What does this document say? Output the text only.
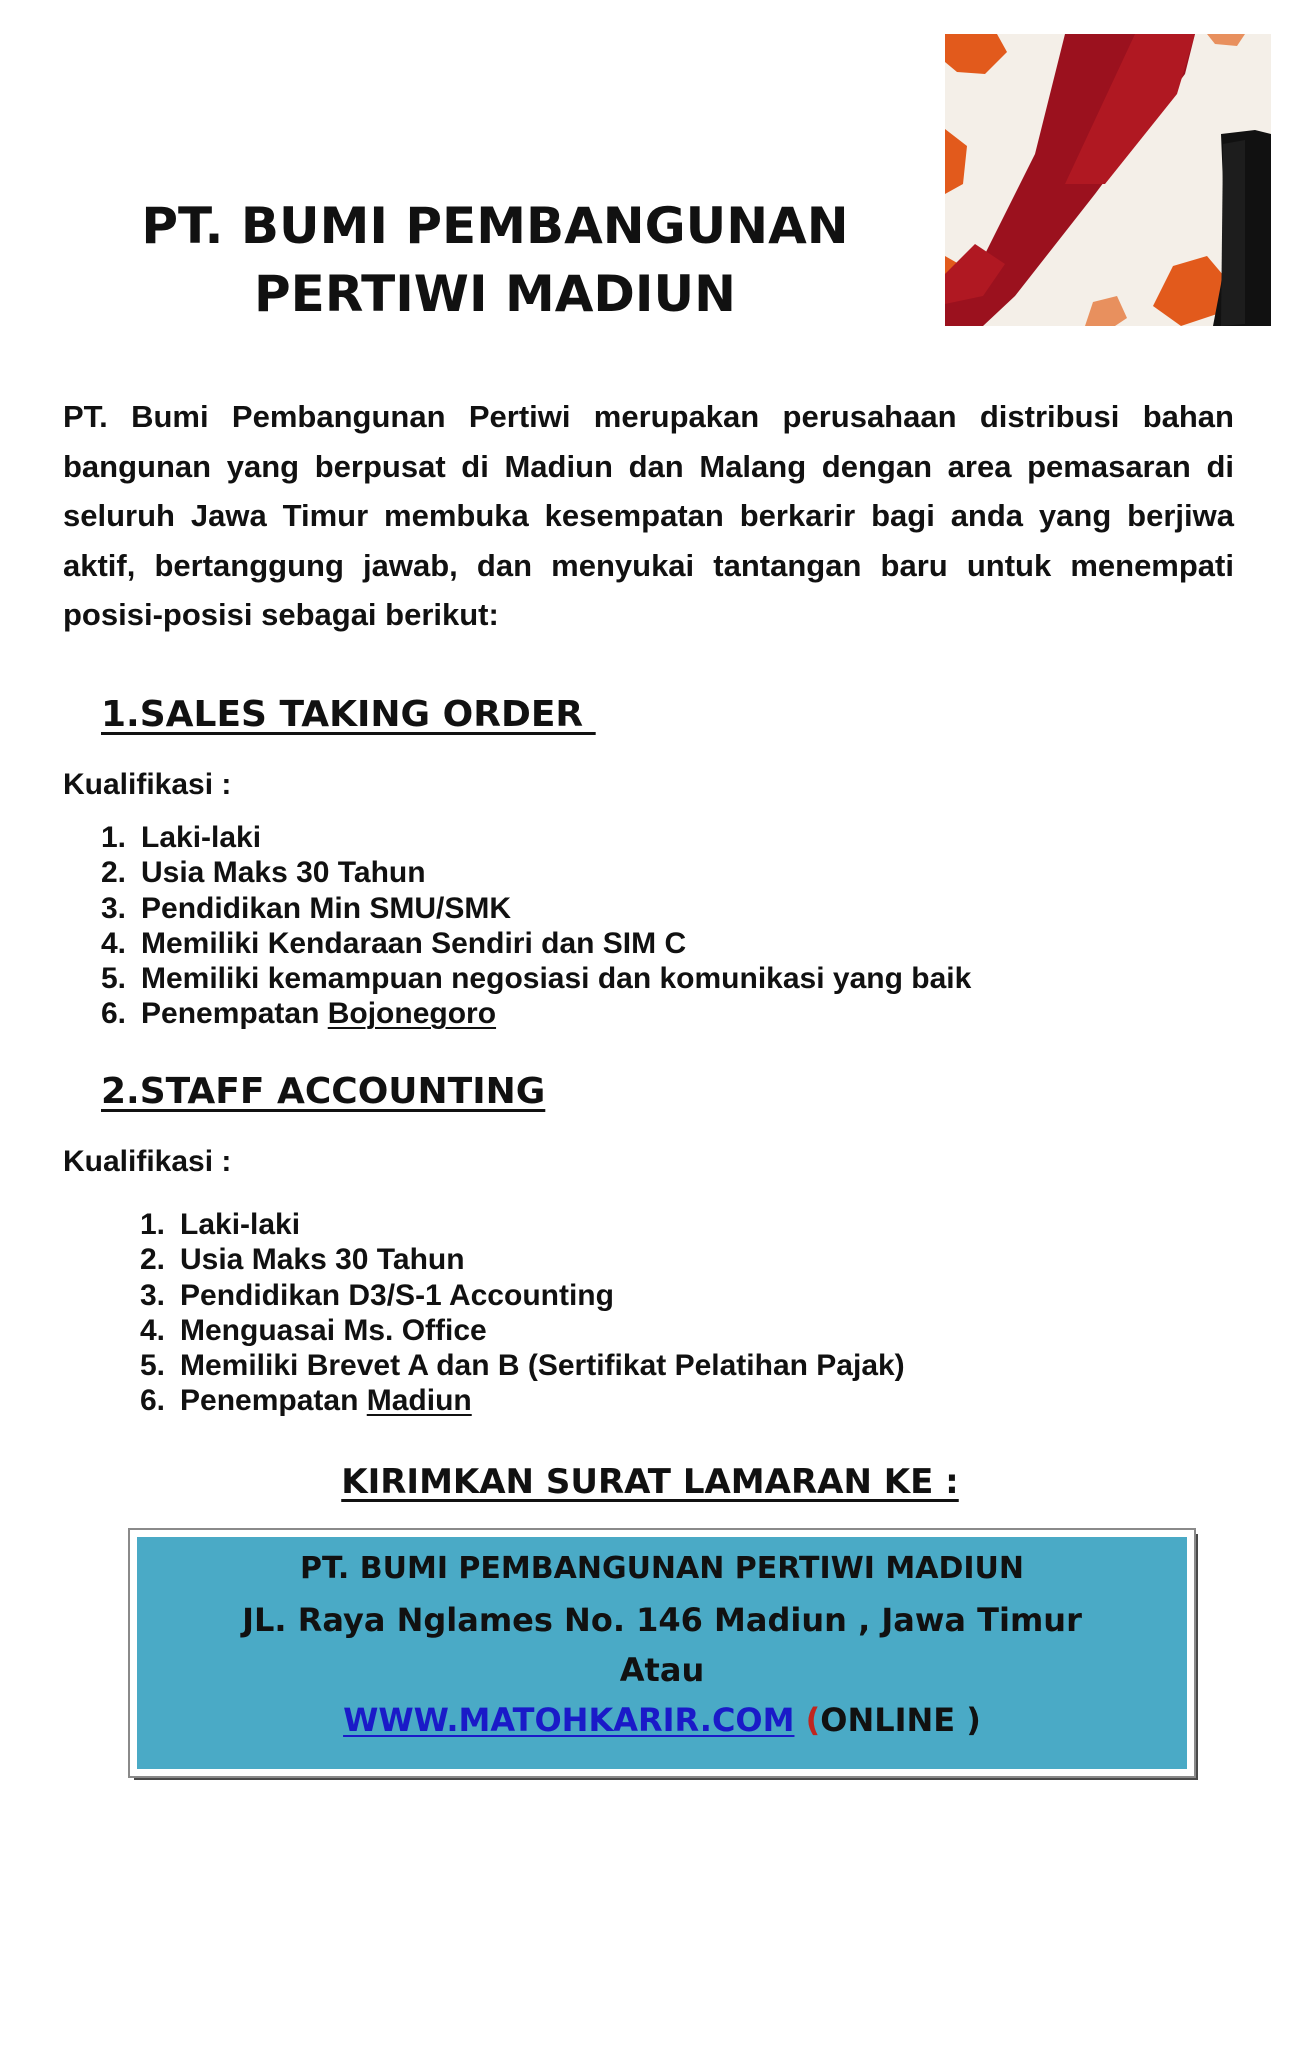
PT. BUMI PEMBANGUNAN
PERTIWI MADIUN

PT. Bumi Pembangunan Pertiwi merupakan perusahaan distribusi bahan bangunan yang berpusat di Madiun dan Malang dengan area pemasaran di seluruh Jawa Timur membuka kesempatan berkarir bagi anda yang berjiwa aktif, bertanggung jawab, dan menyukai tantangan baru untuk menempati posisi-posisi sebagai berikut:

1.SALES TAKING ORDER
Kualifikasi :
1. Laki-laki
2. Usia Maks 30 Tahun
3. Pendidikan Min SMU/SMK
4. Memiliki Kendaraan Sendiri dan SIM C
5. Memiliki kemampuan negosiasi dan komunikasi yang baik
6. Penempatan Bojonegoro
2.STAFF ACCOUNTING
Kualifikasi :
1. Laki-laki
2. Usia Maks 30 Tahun
3. Pendidikan D3/S-1 Accounting
4. Menguasai Ms. Office
5. Memiliki Brevet A dan B (Sertifikat Pelatihan Pajak)
6. Penempatan Madiun
KIRIMKAN SURAT LAMARAN KE :
PT. BUMI PEMBANGUNAN PERTIWI MADIUN
JL. Raya Nglames No. 146 Madiun , Jawa Timur
Atau
WWW.MATOHKARIR.COM (ONLINE )
